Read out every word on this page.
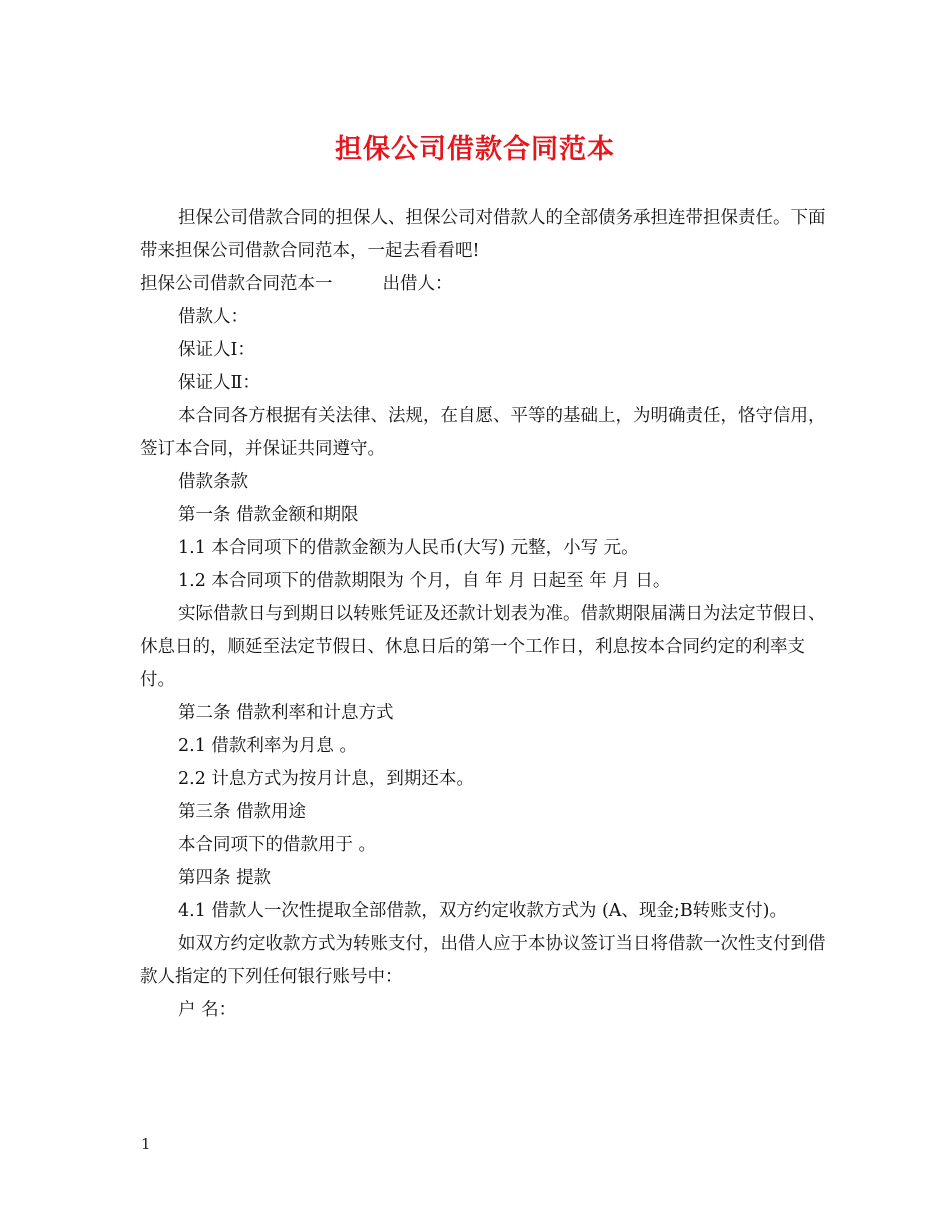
担保公司借款合同范本

担保公司借款合同的担保人、担保公司对借款人的全部债务承担连带担保责任。下面带来担保公司借款合同范本，一起去看看吧!

担保公司借款合同范本一	出借人：

借款人：

保证人Ⅰ：

保证人Ⅱ：

本合同各方根据有关法律、法规，在自愿、平等的基础上，为明确责任，恪守信用，签订本合同，并保证共同遵守。

借款条款

第一条 借款金额和期限

1.1 本合同项下的借款金额为人民币(大写) 元整，小写 元。

1.2 本合同项下的借款期限为 个月，自 年 月 日起至 年 月 日。

实际借款日与到期日以转账凭证及还款计划表为准。借款期限届满日为法定节假日、休息日的，顺延至法定节假日、休息日后的第一个工作日，利息按本合同约定的利率支付。

第二条 借款利率和计息方式

2.1 借款利率为月息 。

2.2 计息方式为按月计息，到期还本。

第三条 借款用途

本合同项下的借款用于 。

第四条 提款

4.1 借款人一次性提取全部借款，双方约定收款方式为 (A、现金;B转账支付)。

如双方约定收款方式为转账支付，出借人应于本协议签订当日将借款一次性支付到借款人指定的下列任何银行账号中：

户 名：

1
